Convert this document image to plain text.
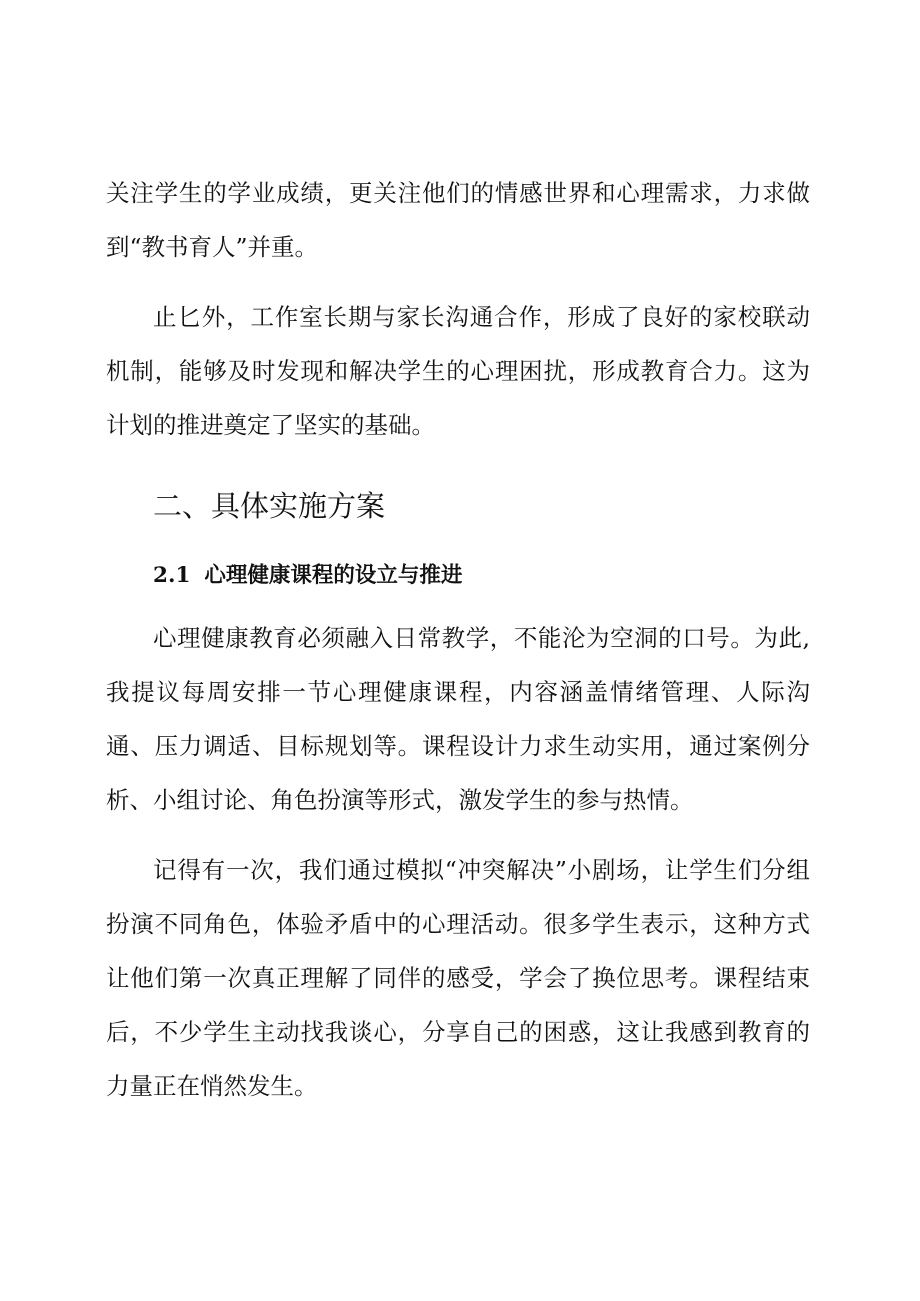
关注学生的学业成绩，更关注他们的情感世界和心理需求，力求做到“教书育人”并重。

止匕外，工作室长期与家长沟通合作，形成了良好的家校联动机制，能够及时发现和解决学生的心理困扰，形成教育合力。这为计划的推进奠定了坚实的基础。

二、具体实施方案
2.1 心理健康课程的设立与推进

心理健康教育必须融入日常教学，不能沦为空洞的口号。为此,我提议每周安排一节心理健康课程，内容涵盖情绪管理、人际沟通、压力调适、目标规划等。课程设计力求生动实用，通过案例分析、小组讨论、角色扮演等形式，激发学生的参与热情。

记得有一次，我们通过模拟“冲突解决”小剧场，让学生们分组扮演不同角色，体验矛盾中的心理活动。很多学生表示，这种方式让他们第一次真正理解了同伴的感受，学会了换位思考。课程结束后，不少学生主动找我谈心，分享自己的困惑，这让我感到教育的力量正在悄然发生。
